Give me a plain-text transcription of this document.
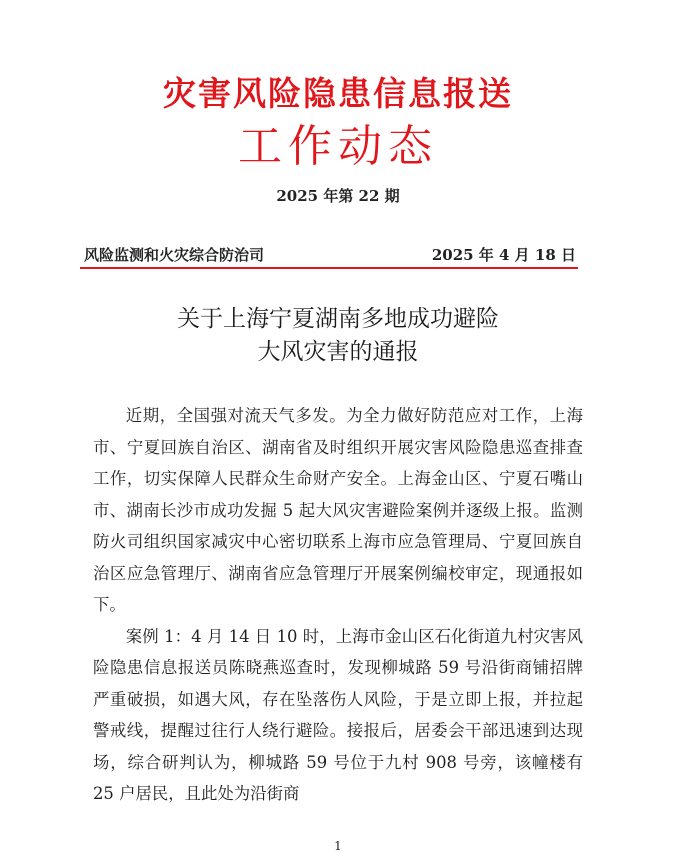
灾害风险隐患信息报送
工作动态
2025 年第 22 期
风险监测和火灾综合防治司	2025 年 4 月 18 日
关于上海宁夏湖南多地成功避险
大风灾害的通报

近期，全国强对流天气多发。为全力做好防范应对工作，上海市、宁夏回族自治区、湖南省及时组织开展灾害风险隐患巡查排查工作，切实保障人民群众生命财产安全。上海金山区、宁夏石嘴山市、湖南长沙市成功发掘 5 起大风灾害避险案例并逐级上报。监测防火司组织国家减灾中心密切联系上海市应急管理局、宁夏回族自治区应急管理厅、湖南省应急管理厅开展案例编校审定，现通报如下。

案例 1：4 月 14 日 10 时，上海市金山区石化街道九村灾害风险隐患信息报送员陈晓燕巡查时，发现柳城路 59 号沿街商铺招牌严重破损，如遇大风，存在坠落伤人风险，于是立即上报，并拉起警戒线，提醒过往行人绕行避险。接报后，居委会干部迅速到达现场，综合研判认为，柳城路 59 号位于九村 908 号旁，该幢楼有 25 户居民，且此处为沿街商

1
